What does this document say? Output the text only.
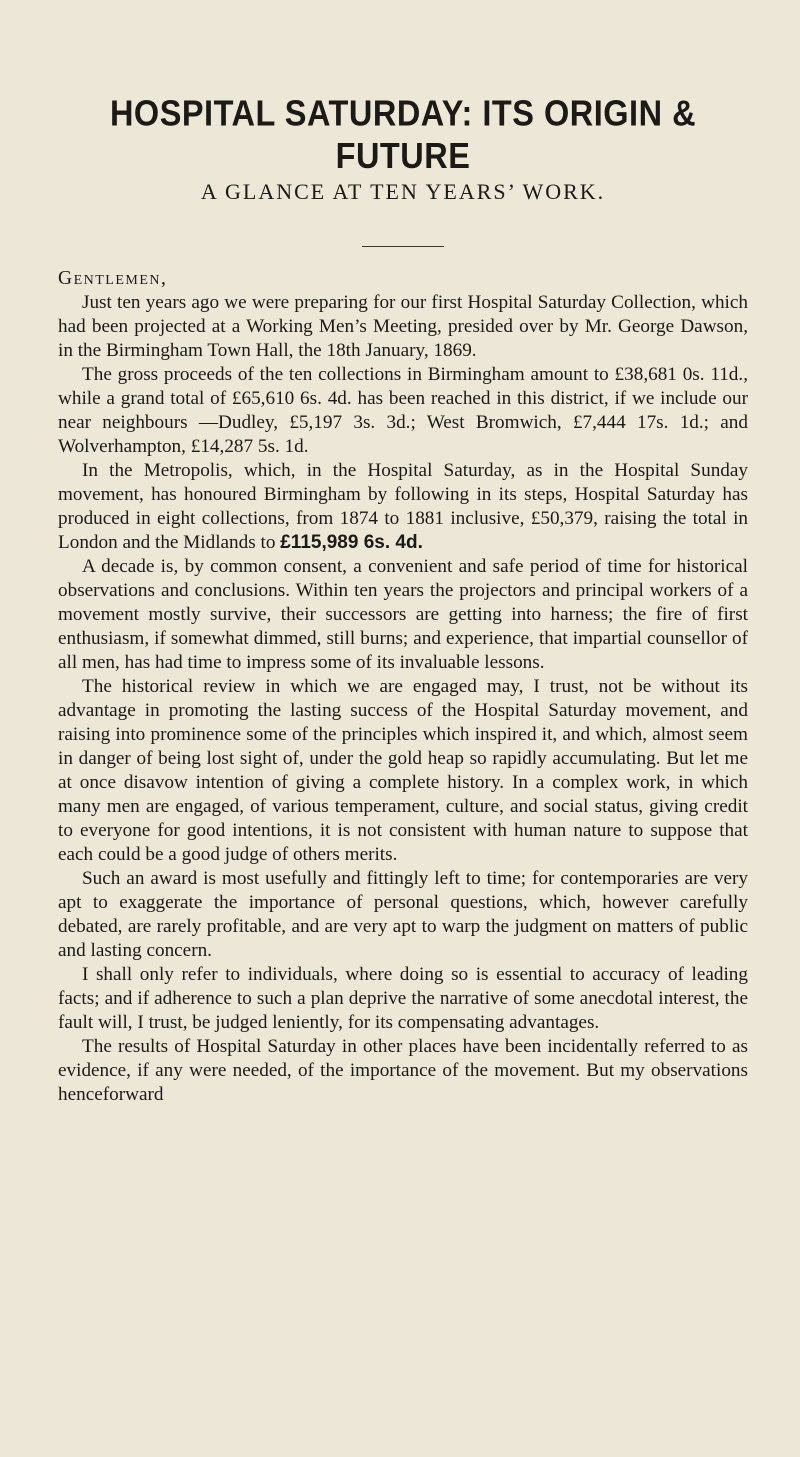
HOSPITAL SATURDAY: ITS ORIGIN & FUTURE
A GLANCE AT TEN YEARS’ WORK.
Gentlemen,

Just ten years ago we were preparing for our first Hospital Saturday Collection, which had been projected at a Working Men’s Meeting, presided over by Mr. George Dawson, in the Birmingham Town Hall, the 18th January, 1869.

The gross proceeds of the ten collections in Birmingham amount to £38,681 0s. 11d., while a grand total of £65,610 6s. 4d. has been reached in this district, if we include our near neighbours —Dudley, £5,197 3s. 3d.; West Bromwich, £7,444 17s. 1d.; and Wolverhampton, £14,287 5s. 1d.

In the Metropolis, which, in the Hospital Saturday, as in the Hospital Sunday movement, has honoured Birmingham by following in its steps, Hospital Saturday has produced in eight collections, from 1874 to 1881 inclusive, £50,379, raising the total in London and the Midlands to £115,989 6s. 4d.

A decade is, by common consent, a convenient and safe period of time for historical observations and conclusions. Within ten years the projectors and principal workers of a movement mostly survive, their successors are getting into harness; the fire of first enthusiasm, if somewhat dimmed, still burns; and experience, that impartial counsellor of all men, has had time to impress some of its invaluable lessons.

The historical review in which we are engaged may, I trust, not be without its advantage in promoting the lasting success of the Hospital Saturday movement, and raising into prominence some of the principles which inspired it, and which, almost seem in danger of being lost sight of, under the gold heap so rapidly accumulating. But let me at once disavow intention of giving a complete history. In a complex work, in which many men are engaged, of various temperament, culture, and social status, giving credit to everyone for good intentions, it is not consistent with human nature to suppose that each could be a good judge of others merits.

Such an award is most usefully and fittingly left to time; for contemporaries are very apt to exaggerate the importance of personal questions, which, however carefully debated, are rarely profitable, and are very apt to warp the judgment on matters of public and lasting concern.

I shall only refer to individuals, where doing so is essential to accuracy of leading facts; and if adherence to such a plan deprive the narrative of some anecdotal interest, the fault will, I trust, be judged leniently, for its compensating advantages.

The results of Hospital Saturday in other places have been incidentally referred to as evidence, if any were needed, of the importance of the movement. But my observations henceforward
